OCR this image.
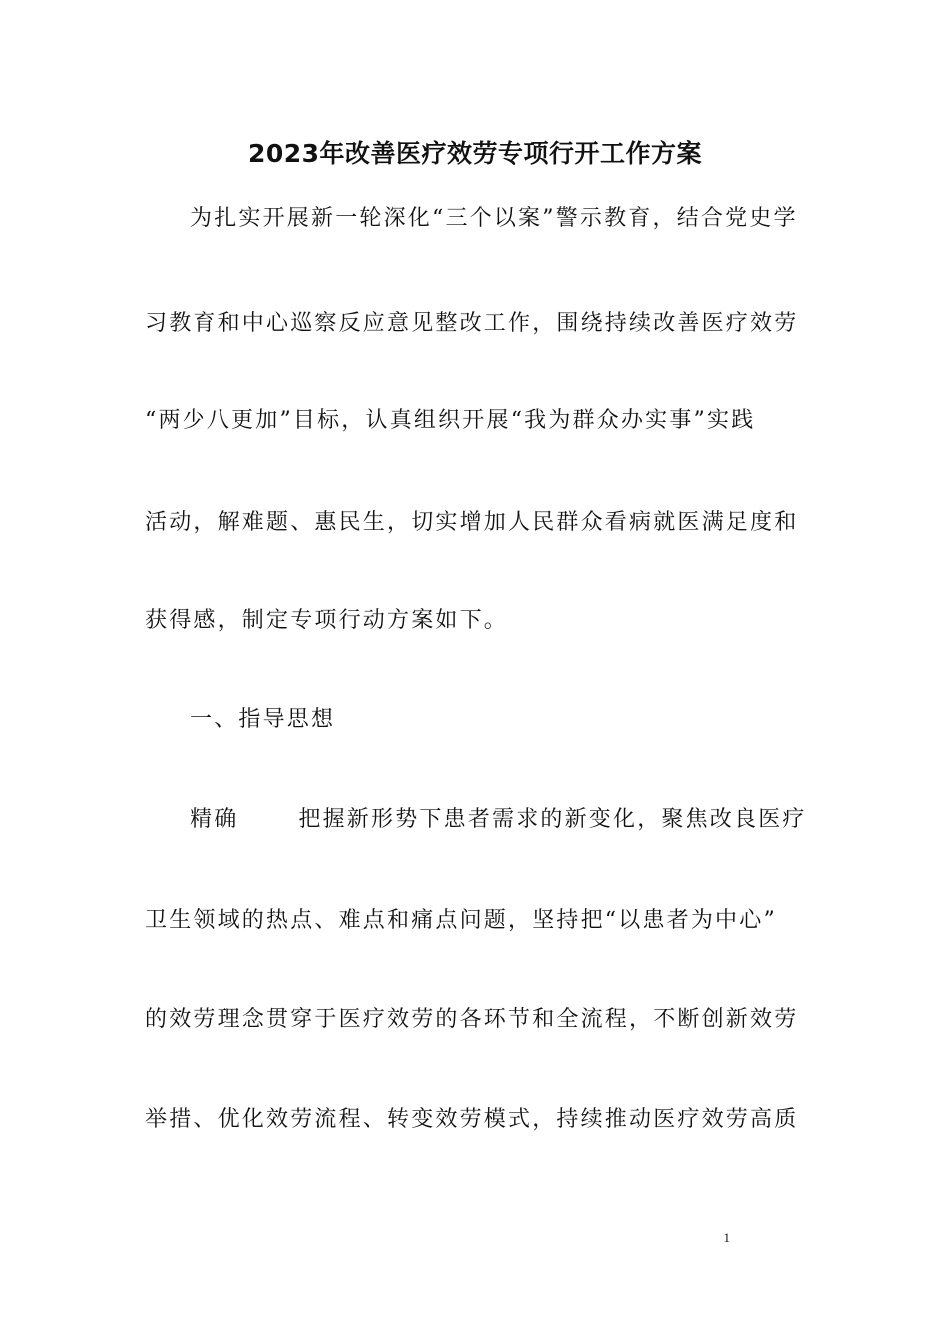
2023年改善医疗效劳专项行开工作方案
为扎实开展新一轮深化“三个以案”警示教育，结合党史学
习教育和中心巡察反应意见整改工作，围绕持续改善医疗效劳
“两少八更加”目标，认真组织开展“我为群众办实事”实践
活动，解难题、惠民生，切实增加人民群众看病就医满足度和
获得感，制定专项行动方案如下。
一、指导思想
精确	把握新形势下患者需求的新变化，聚焦改良医疗
卫生领域的热点、难点和痛点问题，坚持把“以患者为中心”
的效劳理念贯穿于医疗效劳的各环节和全流程，不断创新效劳
举措、优化效劳流程、转变效劳模式，持续推动医疗效劳高质
1
